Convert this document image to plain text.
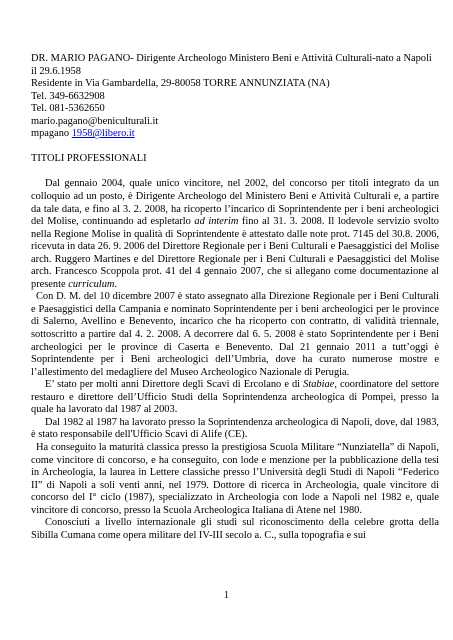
DR. MARIO PAGANO- Dirigente Archeologo Ministero Beni e Attività Culturali-nato a Napoli il 29.6.1958

Residente in Via Gambardella, 29-80058 TORRE ANNUNZIATA (NA)

Tel. 349-6632908

Tel. 081-5362650

mario.pagano@beniculturali.it

mpagano 1958@libero.it

TITOLI PROFESSIONALI

Dal gennaio 2004, quale unico vincitore, nel 2002, del concorso per titoli integrato da un colloquio ad un posto, è Dirigente Archeologo del Ministero Beni e Attività Culturali e, a partire da tale data, e fino al 3. 2. 2008, ha ricoperto l’incarico di Soprintendente per i beni archeologici del Molise, continuando ad espletarlo ad interim fino al 31. 3. 2008. Il lodevole servizio svolto nella Regione Molise in qualità di Soprintendente è attestato dalle note prot. 7145 del 30.8. 2006, ricevuta in data 26. 9. 2006 del Direttore Regionale per i Beni Culturali e Paesaggistici del Molise arch. Ruggero Martines e del Direttore Regionale per i Beni Culturali e Paesaggistici del Molise arch. Francesco Scoppola prot. 41 del 4 gennaio 2007, che si allegano come documentazione al presente curriculum.

Con D. M. del 10 dicembre 2007 è stato assegnato alla Direzione Regionale per i Beni Culturali e Paesaggistici della Campania e nominato Soprintendente per i beni archeologici per le province di Salerno, Avellino e Benevento, incarico che ha ricoperto con contratto, di validità triennale, sottoscritto a partire dal 4. 2. 2008. A decorrere dal 6. 5. 2008 è stato Soprintendente per i Beni archeologici per le province di Caserta e Benevento. Dal 21 gennaio 2011 a tutt’oggi è Soprintendente per i Beni archeologici dell’Umbria, dove ha curato numerose mostre e l’allestimento del medagliere del Museo Archeologico Nazionale di Perugia.

E’ stato per molti anni Direttore degli Scavi di Ercolano e di Stabiae, coordinatore del settore restauro e direttore dell’Ufficio Studi della Soprintendenza archeologica di Pompei, presso la quale ha lavorato dal 1987 al 2003.

Dal 1982 al 1987 ha lavorato presso la Soprintendenza archeologica di Napoli, dove, dal 1983, è stato responsabile dell'Ufficio Scavi di Alife (CE).

Ha conseguito la maturità classica presso la prestigiosa Scuola Militare “Nunziatella” di Napoli, come vincitore di concorso, e ha conseguito, con lode e menzione per la pubblicazione della tesi in Archeologia, la laurea in Lettere classiche presso l’Università degli Studi di Napoli “Federico II” di Napoli a soli venti anni, nel 1979. Dottore di ricerca in Archeologia, quale vincitore di concorso del I° ciclo (1987), specializzato in Archeologia con lode a Napoli nel 1982 e, quale vincitore di concorso, presso la Scuola Archeologica Italiana di Atene nel 1980.

Conosciuti a livello internazionale gli studi sul riconoscimento della celebre grotta della Sibilla Cumana come opera militare del IV-III secolo a. C., sulla topografia e sui

1
